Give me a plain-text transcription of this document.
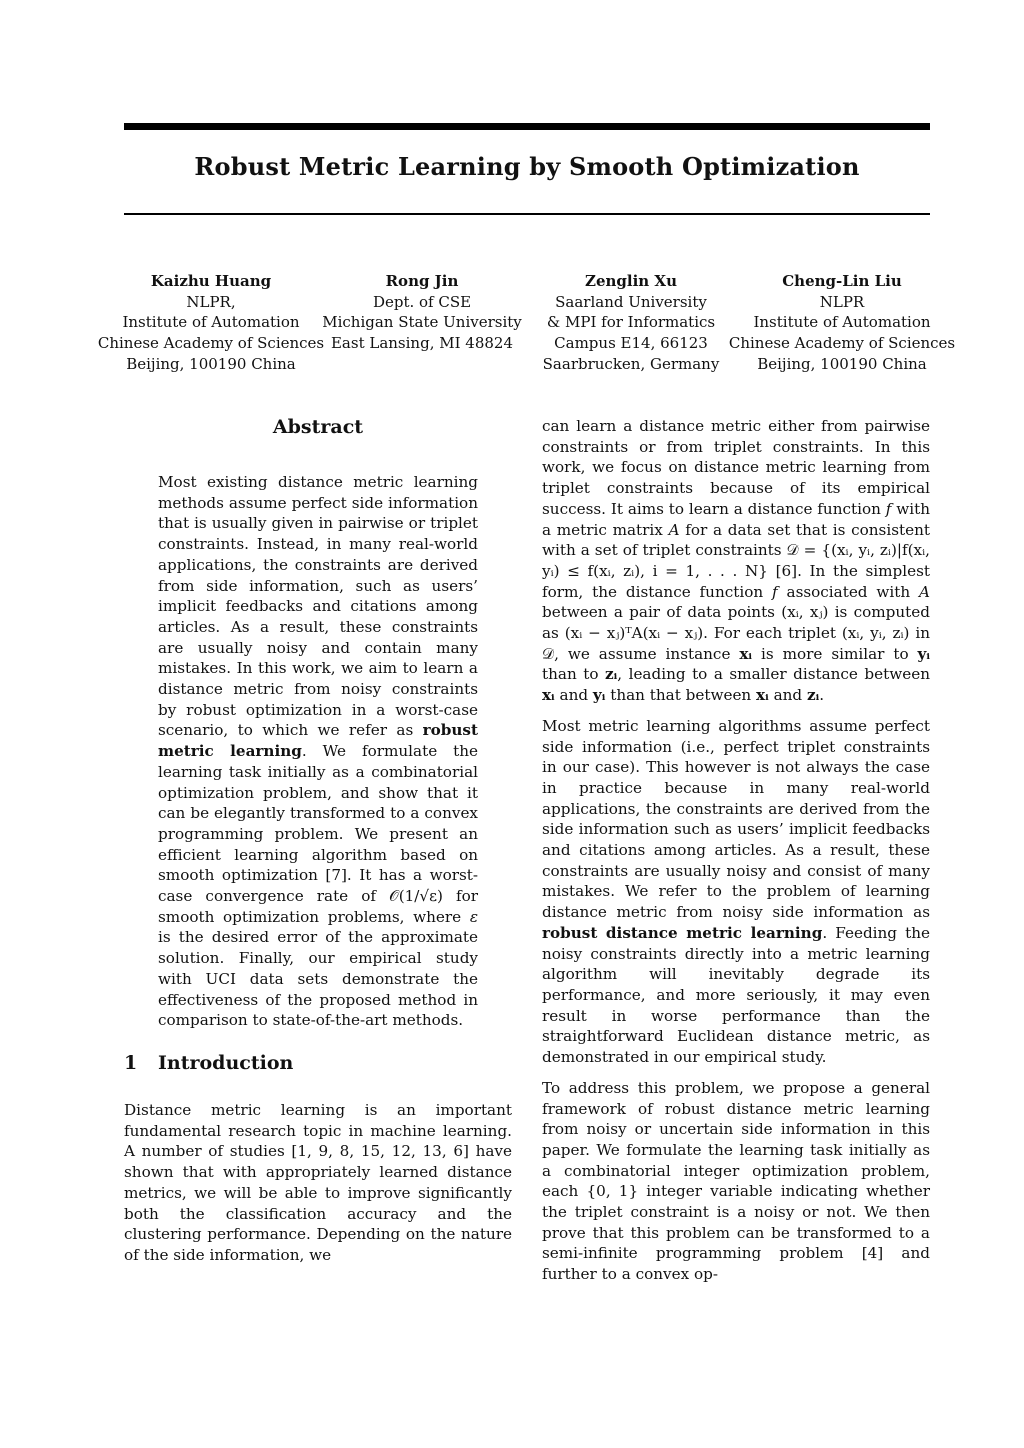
Robust Metric Learning by Smooth Optimization
Kaizhu Huang
NLPR,
Institute of Automation
Chinese Academy of Sciences
Beijing, 100190 China
Rong Jin
Dept. of CSE
Michigan State University
East Lansing, MI 48824
Zenglin Xu
Saarland University
& MPI for Informatics
Campus E14, 66123
Saarbrucken, Germany
Cheng-Lin Liu
NLPR
Institute of Automation
Chinese Academy of Sciences
Beijing, 100190 China
Abstract

Most existing distance metric learning methods assume perfect side information that is usually given in pairwise or triplet constraints. Instead, in many real-world applications, the constraints are derived from side information, such as users’ implicit feedbacks and citations among articles. As a result, these constraints are usually noisy and contain many mistakes. In this work, we aim to learn a distance metric from noisy constraints by robust optimization in a worst-case scenario, to which we refer as robust metric learning. We formulate the learning task initially as a combinatorial optimization problem, and show that it can be elegantly transformed to a convex programming problem. We present an efficient learning algorithm based on smooth optimization [7]. It has a worst-case convergence rate of 𝒪(1/√ε) for smooth optimization problems, where ε is the desired error of the approximate solution. Finally, our empirical study with UCI data sets demonstrate the effectiveness of the proposed method in comparison to state-of-the-art methods.

1 Introduction

Distance metric learning is an important fundamental research topic in machine learning. A number of studies [1, 9, 8, 15, 12, 13, 6] have shown that with appropriately learned distance metrics, we will be able to improve significantly both the classification accuracy and the clustering performance. Depending on the nature of the side information, we

can learn a distance metric either from pairwise constraints or from triplet constraints. In this work, we focus on distance metric learning from triplet constraints because of its empirical success. It aims to learn a distance function f with a metric matrix A for a data set that is consistent with a set of triplet constraints 𝒟 = {(xᵢ, yᵢ, zᵢ)|f(xᵢ, yᵢ) ≤ f(xᵢ, zᵢ), i = 1, . . . N} [6]. In the simplest form, the distance function f associated with A between a pair of data points (xᵢ, xⱼ) is computed as (xᵢ − xⱼ)ᵀA(xᵢ − xⱼ). For each triplet (xᵢ, yᵢ, zᵢ) in 𝒟, we assume instance xᵢ is more similar to yᵢ than to zᵢ, leading to a smaller distance between xᵢ and yᵢ than that between xᵢ and zᵢ.

Most metric learning algorithms assume perfect side information (i.e., perfect triplet constraints in our case). This however is not always the case in practice because in many real-world applications, the constraints are derived from the side information such as users’ implicit feedbacks and citations among articles. As a result, these constraints are usually noisy and consist of many mistakes. We refer to the problem of learning distance metric from noisy side information as robust distance metric learning. Feeding the noisy constraints directly into a metric learning algorithm will inevitably degrade its performance, and more seriously, it may even result in worse performance than the straightforward Euclidean distance metric, as demonstrated in our empirical study.

To address this problem, we propose a general framework of robust distance metric learning from noisy or uncertain side information in this paper. We formulate the learning task initially as a combinatorial integer optimization problem, each {0, 1} integer variable indicating whether the triplet constraint is a noisy or not. We then prove that this problem can be transformed to a semi-infinite programming problem [4] and further to a convex op-
